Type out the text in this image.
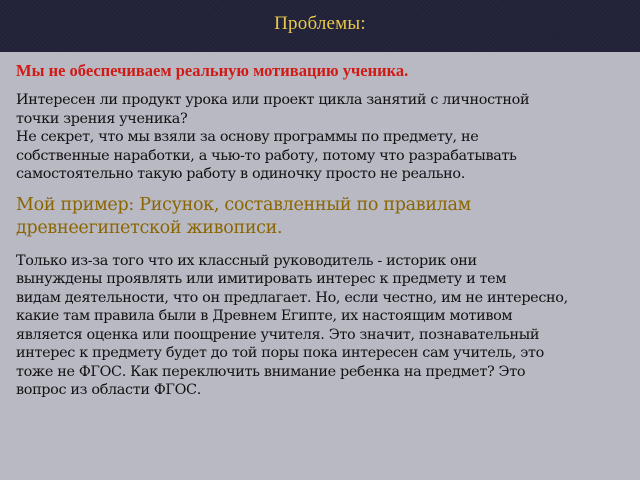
Проблемы:
Мы не обеспечиваем реальную мотивацию ученика.
Интересен ли продукт урока или проект цикла занятий с личностной
точки зрения ученика?
Не секрет, что мы взяли за основу программы по предмету, не
собственные наработки, а чью-то работу, потому что разрабатывать
самостоятельно такую работу в одиночку просто не реально.
Мой пример: Рисунок, составленный по правилам
древнеегипетской живописи.
Только из-за того что их классный руководитель - историк они
вынуждены проявлять или имитировать интерес к предмету и тем
видам деятельности, что он предлагает. Но, если честно, им не интересно,
какие там правила были в Древнем Египте, их настоящим мотивом
является оценка или поощрение учителя. Это значит, познавательный
интерес к предмету будет до той поры пока интересен сам учитель, это
тоже не ФГОС. Как переключить внимание ребенка на предмет? Это
вопрос из области ФГОС.
